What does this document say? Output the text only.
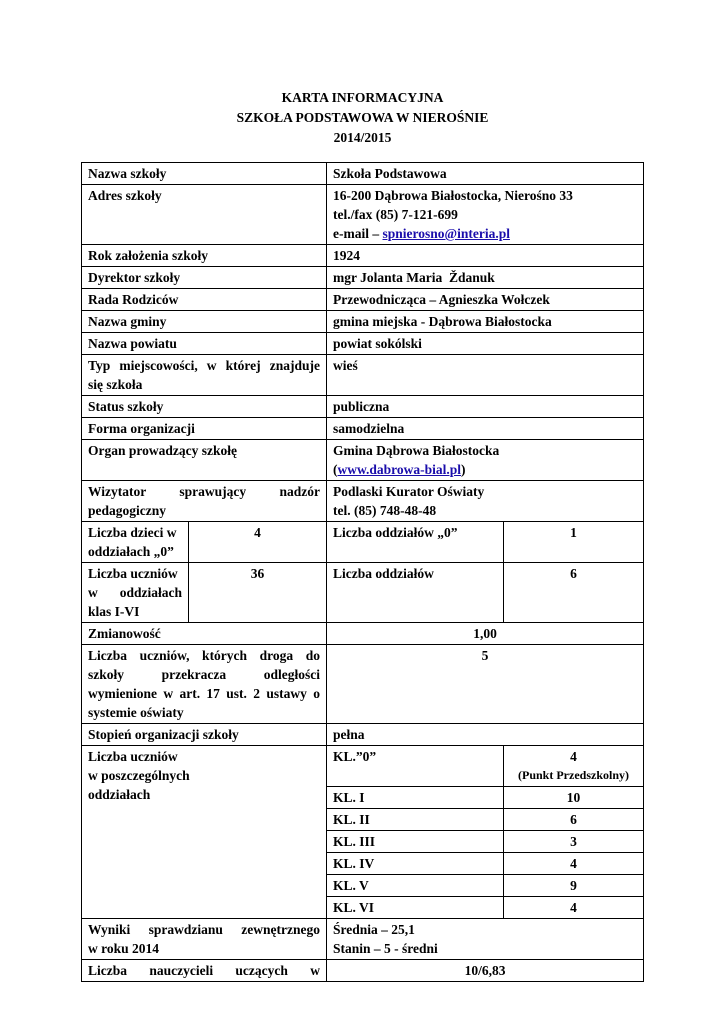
KARTA INFORMACYJNA
SZKOŁA PODSTAWOWA W NIEROŚNIE
2014/2015
Nazwa szkoły		Szkoła Podstawowa	
Adres szkoły		16-200 Dąbrowa Białostocka, Nierośno 33
tel./fax (85) 7-121-699
e-mail – spnierosno@interia.pl	

Rok założenia szkoły		1924	
Dyrektor szkoły		mgr Jolanta Maria  Ždanuk	
Rada Rodziców		Przewodnicząca – Agnieszka Wołczek	
Nazwa gminy		gmina miejska - Dąbrowa Białostocka	
Nazwa powiatu		powiat sokólski	

Typ miejscowości, w której znajduje
się szkoła		wieś	
Status szkoły		publiczna	
Forma organizacji		samodzielna	
Organ prowadzący szkołę		Gmina Dąbrowa Białostocka
(www.dabrowa-bial.pl)	

Wizytator sprawujący nadzór
pedagogiczny		Podlaski Kurator Oświaty
tel. (85) 748-48-48	

Liczba dzieci w
oddziałach „0”	4	Liczba oddziałów „0”	1

Liczba uczniów
w oddziałach
klas I-VI	36	Liczba oddziałów	6
Zmianowość		1,00	

Liczba uczniów, których droga do
szkoły przekracza odległości
wymienione w art. 17 ust. 2 ustawy o
systemie oświaty		5	
Stopień organizacji szkoły		pełna	

Liczba uczniów
w poszczególnych
oddziałach		KL.”0”	4
(Punkt Przedszkolny)

		KL. I	10
		KL. II	6
		KL. III	3
		KL. IV	4
		KL. V	9
		KL. VI	4

Wyniki sprawdzianu zewnętrznego
w roku 2014		Średnia – 25,1
Stanin – 5 - średni	

Liczba nauczycieli uczących w		10/6,83	
